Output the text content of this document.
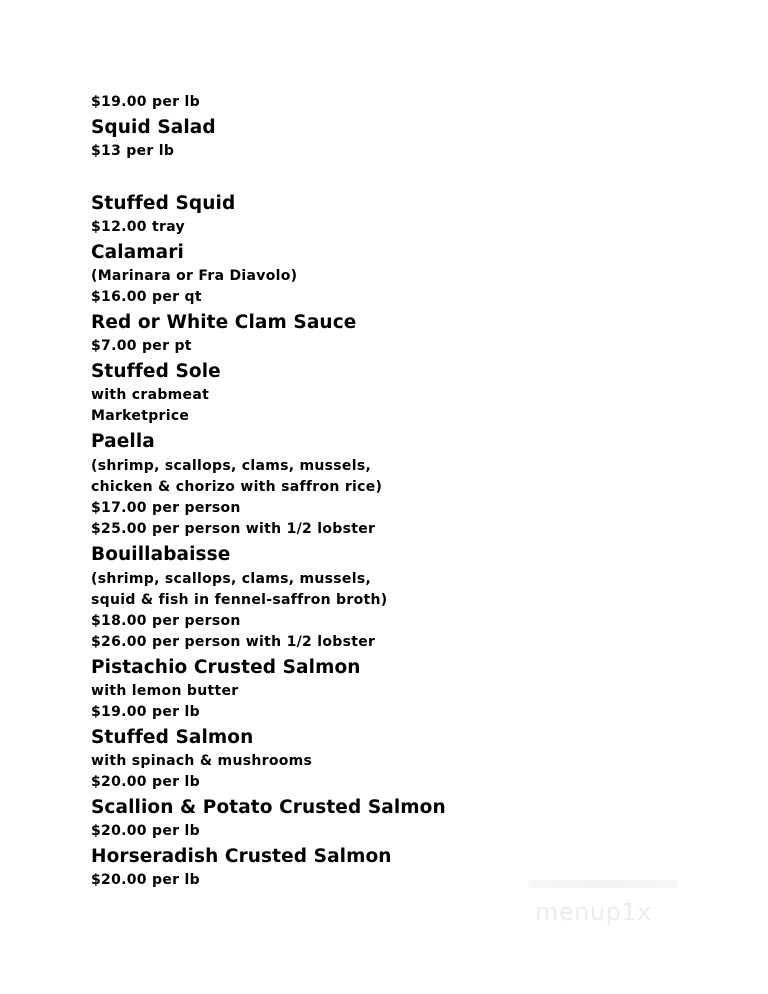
$19.00 per lb
Squid Salad
$13 per lb
Stuffed Squid
$12.00 tray
Calamari
(Marinara or Fra Diavolo)
$16.00 per qt
Red or White Clam Sauce
$7.00 per pt
Stuffed Sole
with crabmeat
Marketprice
Paella
(shrimp, scallops, clams, mussels,
chicken & chorizo with saffron rice)
$17.00 per person
$25.00 per person with 1/2 lobster
Bouillabaisse
(shrimp, scallops, clams, mussels,
squid & fish in fennel-saffron broth)
$18.00 per person
$26.00 per person with 1/2 lobster
Pistachio Crusted Salmon
with lemon butter
$19.00 per lb
Stuffed Salmon
with spinach & mushrooms
$20.00 per lb
Scallion & Potato Crusted Salmon
$20.00 per lb
Horseradish Crusted Salmon
$20.00 per lb
menup1x
